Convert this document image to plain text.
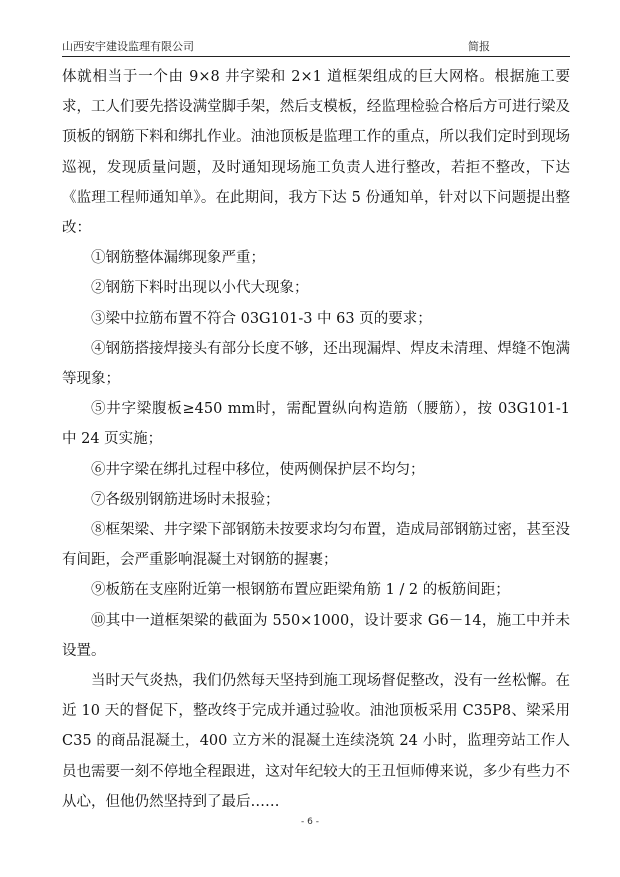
山西安宇建设监理有限公司	简报

体就相当于一个由 9×8 井字梁和 2×1 道框架组成的巨大网格。根据施工要求，工人们要先搭设满堂脚手架，然后支模板，经监理检验合格后方可进行梁及顶板的钢筋下料和绑扎作业。油池顶板是监理工作的重点，所以我们定时到现场巡视，发现质量问题，及时通知现场施工负责人进行整改，若拒不整改，下达《监理工程师通知单》。在此期间，我方下达 5 份通知单，针对以下问题提出整改：

①钢筋整体漏绑现象严重；

②钢筋下料时出现以小代大现象；

③梁中拉筋布置不符合 03G101-3 中 63 页的要求；

④钢筋搭接焊接头有部分长度不够，还出现漏焊、焊皮未清理、焊缝不饱满等现象；

⑤井字梁腹板≥450 mm时，需配置纵向构造筋（腰筋），按 03G101-1 中 24 页实施；

⑥井字梁在绑扎过程中移位，使两侧保护层不均匀；

⑦各级别钢筋进场时未报验；

⑧框架梁、井字梁下部钢筋未按要求均匀布置，造成局部钢筋过密，甚至没有间距，会严重影响混凝土对钢筋的握裹；

⑨板筋在支座附近第一根钢筋布置应距梁角筋 1 / 2 的板筋间距；

⑩其中一道框架梁的截面为 550×1000，设计要求 G6－14，施工中并未设置。

当时天气炎热，我们仍然每天坚持到施工现场督促整改，没有一丝松懈。在近 10 天的督促下，整改终于完成并通过验收。油池顶板采用 C35P8、梁采用 C35 的商品混凝土，400 立方米的混凝土连续浇筑 24 小时，监理旁站工作人员也需要一刻不停地全程跟进，这对年纪较大的王丑恒师傅来说，多少有些力不从心，但他仍然坚持到了最后……

- 6 -
